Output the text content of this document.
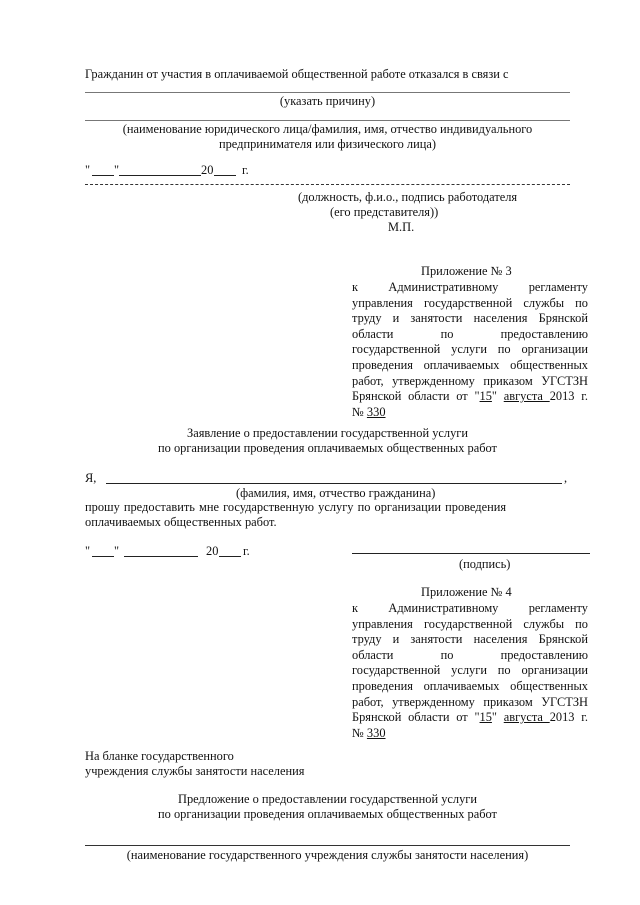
Гражданин от участия в оплачиваемой общественной работе отказался в связи с
(указать причину)
(наименование юридического лица/фамилия, имя, отчество индивидуального
предпринимателя или физического лица)
" "	20 г.
(должность, ф.и.о., подпись работодателя
(его представителя))
М.П.
Приложение № 3
к Административному регламенту
управления государственной службы по
труду и занятости населения Брянской
области по предоставлению
государственной услуги по организации
проведения оплачиваемых общественных
работ, утвержденному приказом УГСТЗН
Брянской области от "15" августа 2013 г.
№ 330
Заявление о предоставлении государственной услуги
по организации проведения оплачиваемых общественных работ
Я,	,
(фамилия, имя, отчество гражданина)
прошу предоставить мне государственную услугу по организации проведения
оплачиваемых общественных работ.
" "	20 г.
(подпись)
Приложение № 4
к Административному регламенту
управления государственной службы по
труду и занятости населения Брянской
области по предоставлению
государственной услуги по организации
проведения оплачиваемых общественных
работ, утвержденному приказом УГСТЗН
Брянской области от "15" августа 2013 г.
№ 330
На бланке государственного
учреждения службы занятости населения
Предложение о предоставлении государственной услуги
по организации проведения оплачиваемых общественных работ
(наименование государственного учреждения службы занятости населения)
